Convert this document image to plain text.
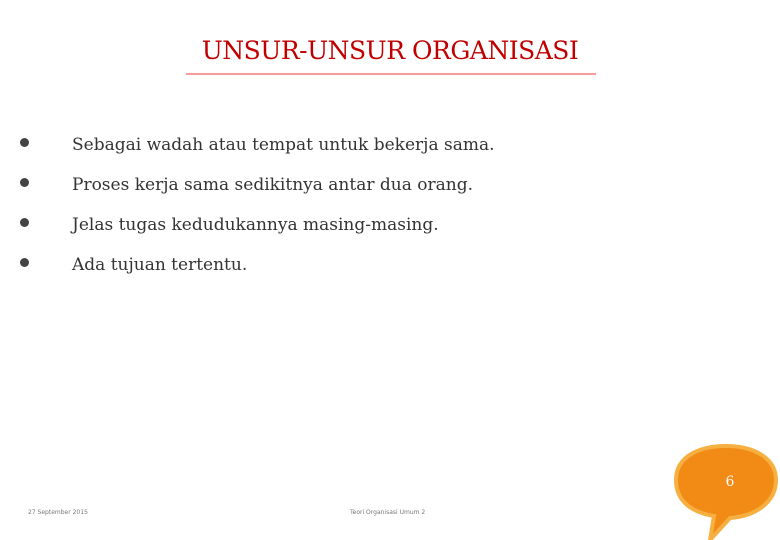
UNSUR-UNSUR ORGANISASI
Sebagai wadah atau tempat untuk bekerja sama.
Proses kerja sama sedikitnya antar dua orang.
Jelas tugas kedudukannya masing-masing.
Ada tujuan tertentu.
6
27 September 2015	Teori Organisasi Umum 2
